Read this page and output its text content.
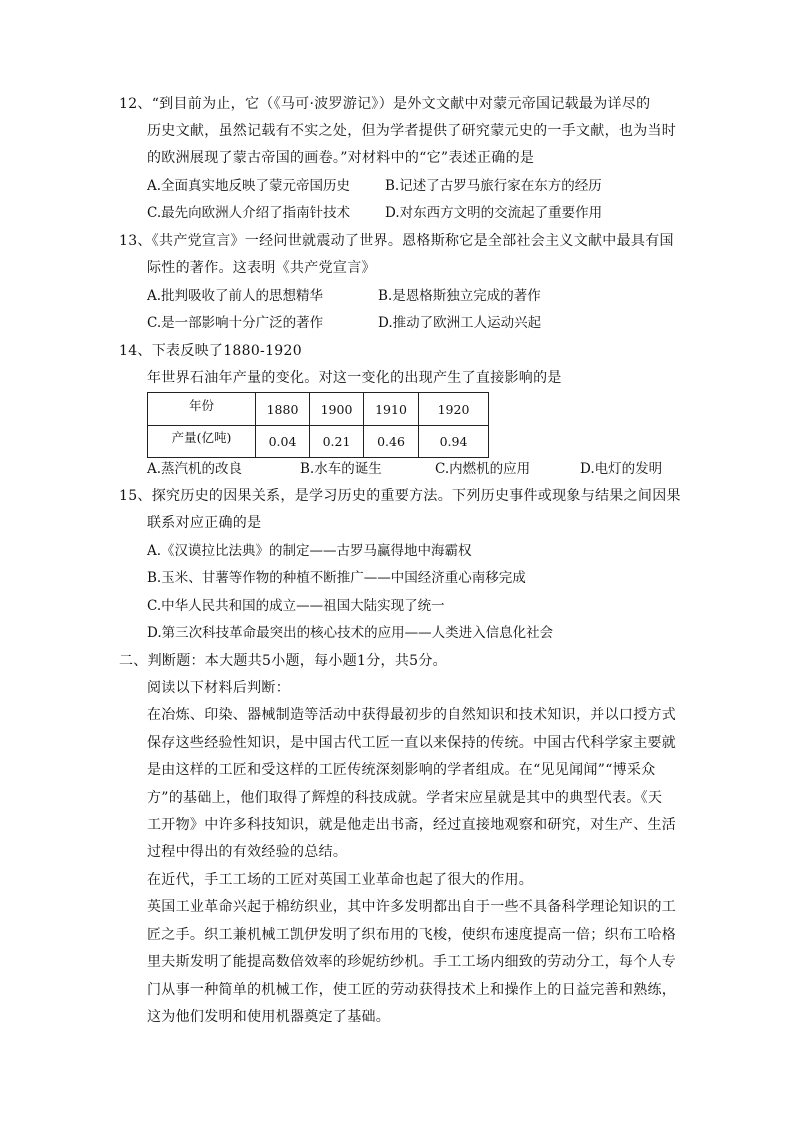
12、“到目前为止，它（《马可·波罗游记》）是外文文献中对蒙元帝国记载最为详尽的
历史文献，虽然记载有不实之处，但为学者提供了研究蒙元史的一手文献，也为当时
的欧洲展现了蒙古帝国的画卷。”对材料中的“它”表述正确的是
A.全面真实地反映了蒙元帝国历史	B.记述了古罗马旅行家在东方的经历
C.最先向欧洲人介绍了指南针技术	D.对东西方文明的交流起了重要作用
13、《共产党宣言》一经问世就震动了世界。恩格斯称它是全部社会主义文献中最具有国
际性的著作。这表明《共产党宣言》
A.批判吸收了前人的思想精华	B.是恩格斯独立完成的著作
C.是一部影响十分广泛的著作	D.推动了欧洲工人运动兴起
14、下表反映了1880-1920
年世界石油年产量的变化。对这一变化的出现产生了直接影响的是
年份	1880	1900	1910	1920
产量(亿吨)	0.04	0.21	0.46	0.94
A.蒸汽机的改良	B.水车的诞生	C.内燃机的应用	D.电灯的发明
15、探究历史的因果关系，是学习历史的重要方法。下列历史事件或现象与结果之间因果
联系对应正确的是
A.《汉谟拉比法典》的制定——古罗马赢得地中海霸权
B.玉米、甘薯等作物的种植不断推广——中国经济重心南移完成
C.中华人民共和国的成立——祖国大陆实现了统一
D.第三次科技革命最突出的核心技术的应用——人类进入信息化社会
二、判断题：本大题共5小题，每小题1分，共5分。
阅读以下材料后判断：
在冶炼、印染、器械制造等活动中获得最初步的自然知识和技术知识，并以口授方式
保存这些经验性知识，是中国古代工匠一直以来保持的传统。中国古代科学家主要就
是由这样的工匠和受这样的工匠传统深刻影响的学者组成。在“见见闻闻”“博采众
方”的基础上，他们取得了辉煌的科技成就。学者宋应星就是其中的典型代表。《天
工开物》中许多科技知识，就是他走出书斋，经过直接地观察和研究，对生产、生活
过程中得出的有效经验的总结。
在近代，手工工场的工匠对英国工业革命也起了很大的作用。
英国工业革命兴起于棉纺织业，其中许多发明都出自于一些不具备科学理论知识的工
匠之手。织工兼机械工凯伊发明了织布用的飞梭，使织布速度提高一倍；织布工哈格
里夫斯发明了能提高数倍效率的珍妮纺纱机。手工工场内细致的劳动分工，每个人专
门从事一种简单的机械工作，使工匠的劳动获得技术上和操作上的日益完善和熟练，
这为他们发明和使用机器奠定了基础。
